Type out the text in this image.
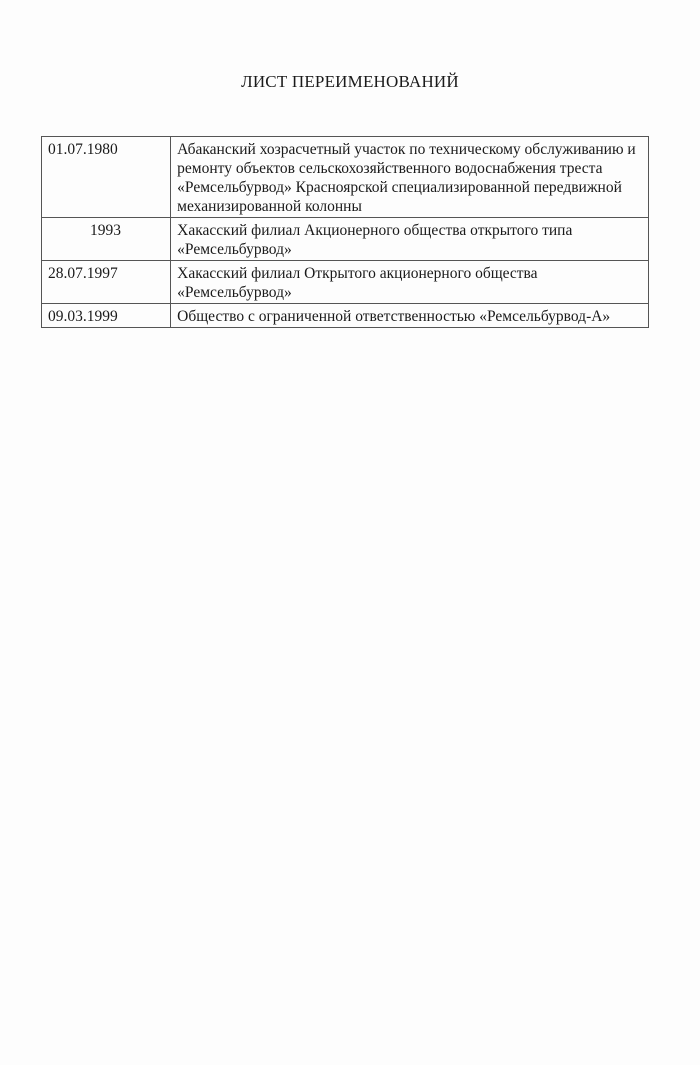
ЛИСТ ПЕРЕИМЕНОВАНИЙ
01.07.1980	Абаканский хозрасчетный участок по техническому обслуживанию и ремонту объектов сельскохозяйственного водоснабжения треста «Ремсельбурвод» Красноярской специализированной передвижной механизированной колонны
1993	Хакасский филиал Акционерного общества открытого типа «Ремсельбурвод»
28.07.1997	Хакасский филиал Открытого акционерного общества «Ремсельбурвод»
09.03.1999	Общество с ограниченной ответственностью «Ремсельбурвод-А»
